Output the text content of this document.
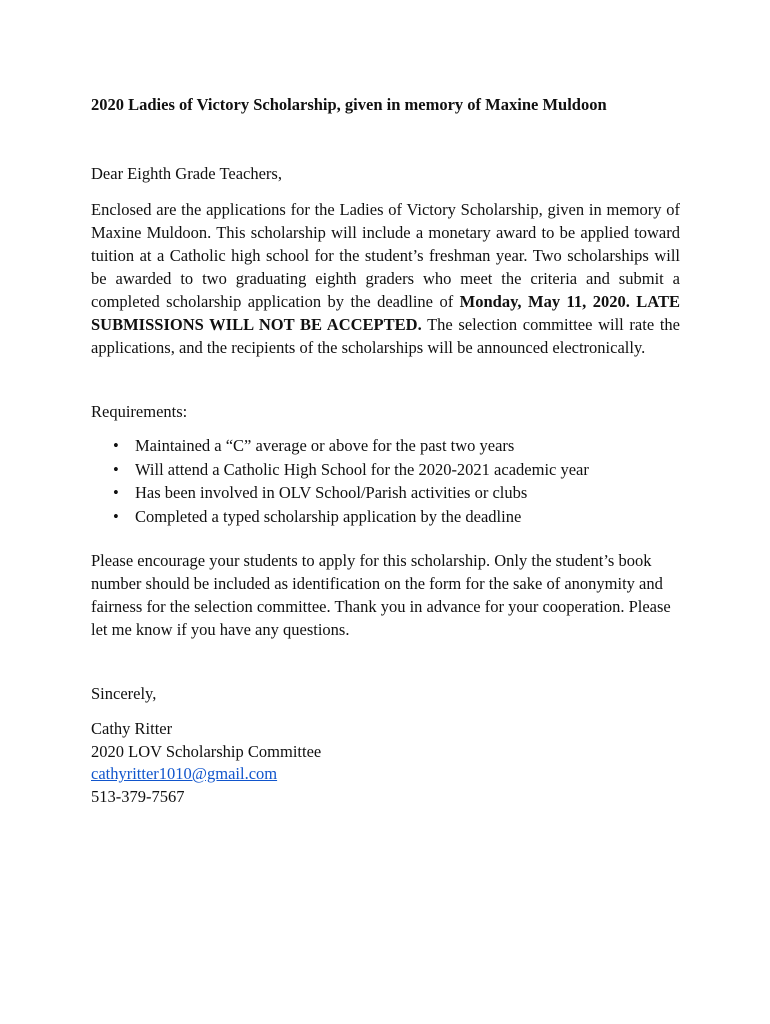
2020 Ladies of Victory Scholarship, given in memory of Maxine Muldoon

Dear Eighth Grade Teachers,

Enclosed are the applications for the Ladies of Victory Scholarship, given in memory of Maxine Muldoon. This scholarship will include a monetary award to be applied toward tuition at a Catholic high school for the student’s freshman year. Two scholarships will be awarded to two graduating eighth graders who meet the criteria and submit a completed scholarship application by the deadline of Monday, May 11, 2020. LATE SUBMISSIONS WILL NOT BE ACCEPTED. The selection committee will rate the applications, and the recipients of the scholarships will be announced electronically.

Requirements:

• Maintained a “C” average or above for the past two years
• Will attend a Catholic High School for the 2020-2021 academic year
• Has been involved in OLV School/Parish activities or clubs
• Completed a typed scholarship application by the deadline

Please encourage your students to apply for this scholarship. Only the student’s book number should be included as identification on the form for the sake of anonymity and fairness for the selection committee. Thank you in advance for your cooperation. Please let me know if you have any questions.

Sincerely,

Cathy Ritter
2020 LOV Scholarship Committee
cathyritter1010@gmail.com
513-379-7567
